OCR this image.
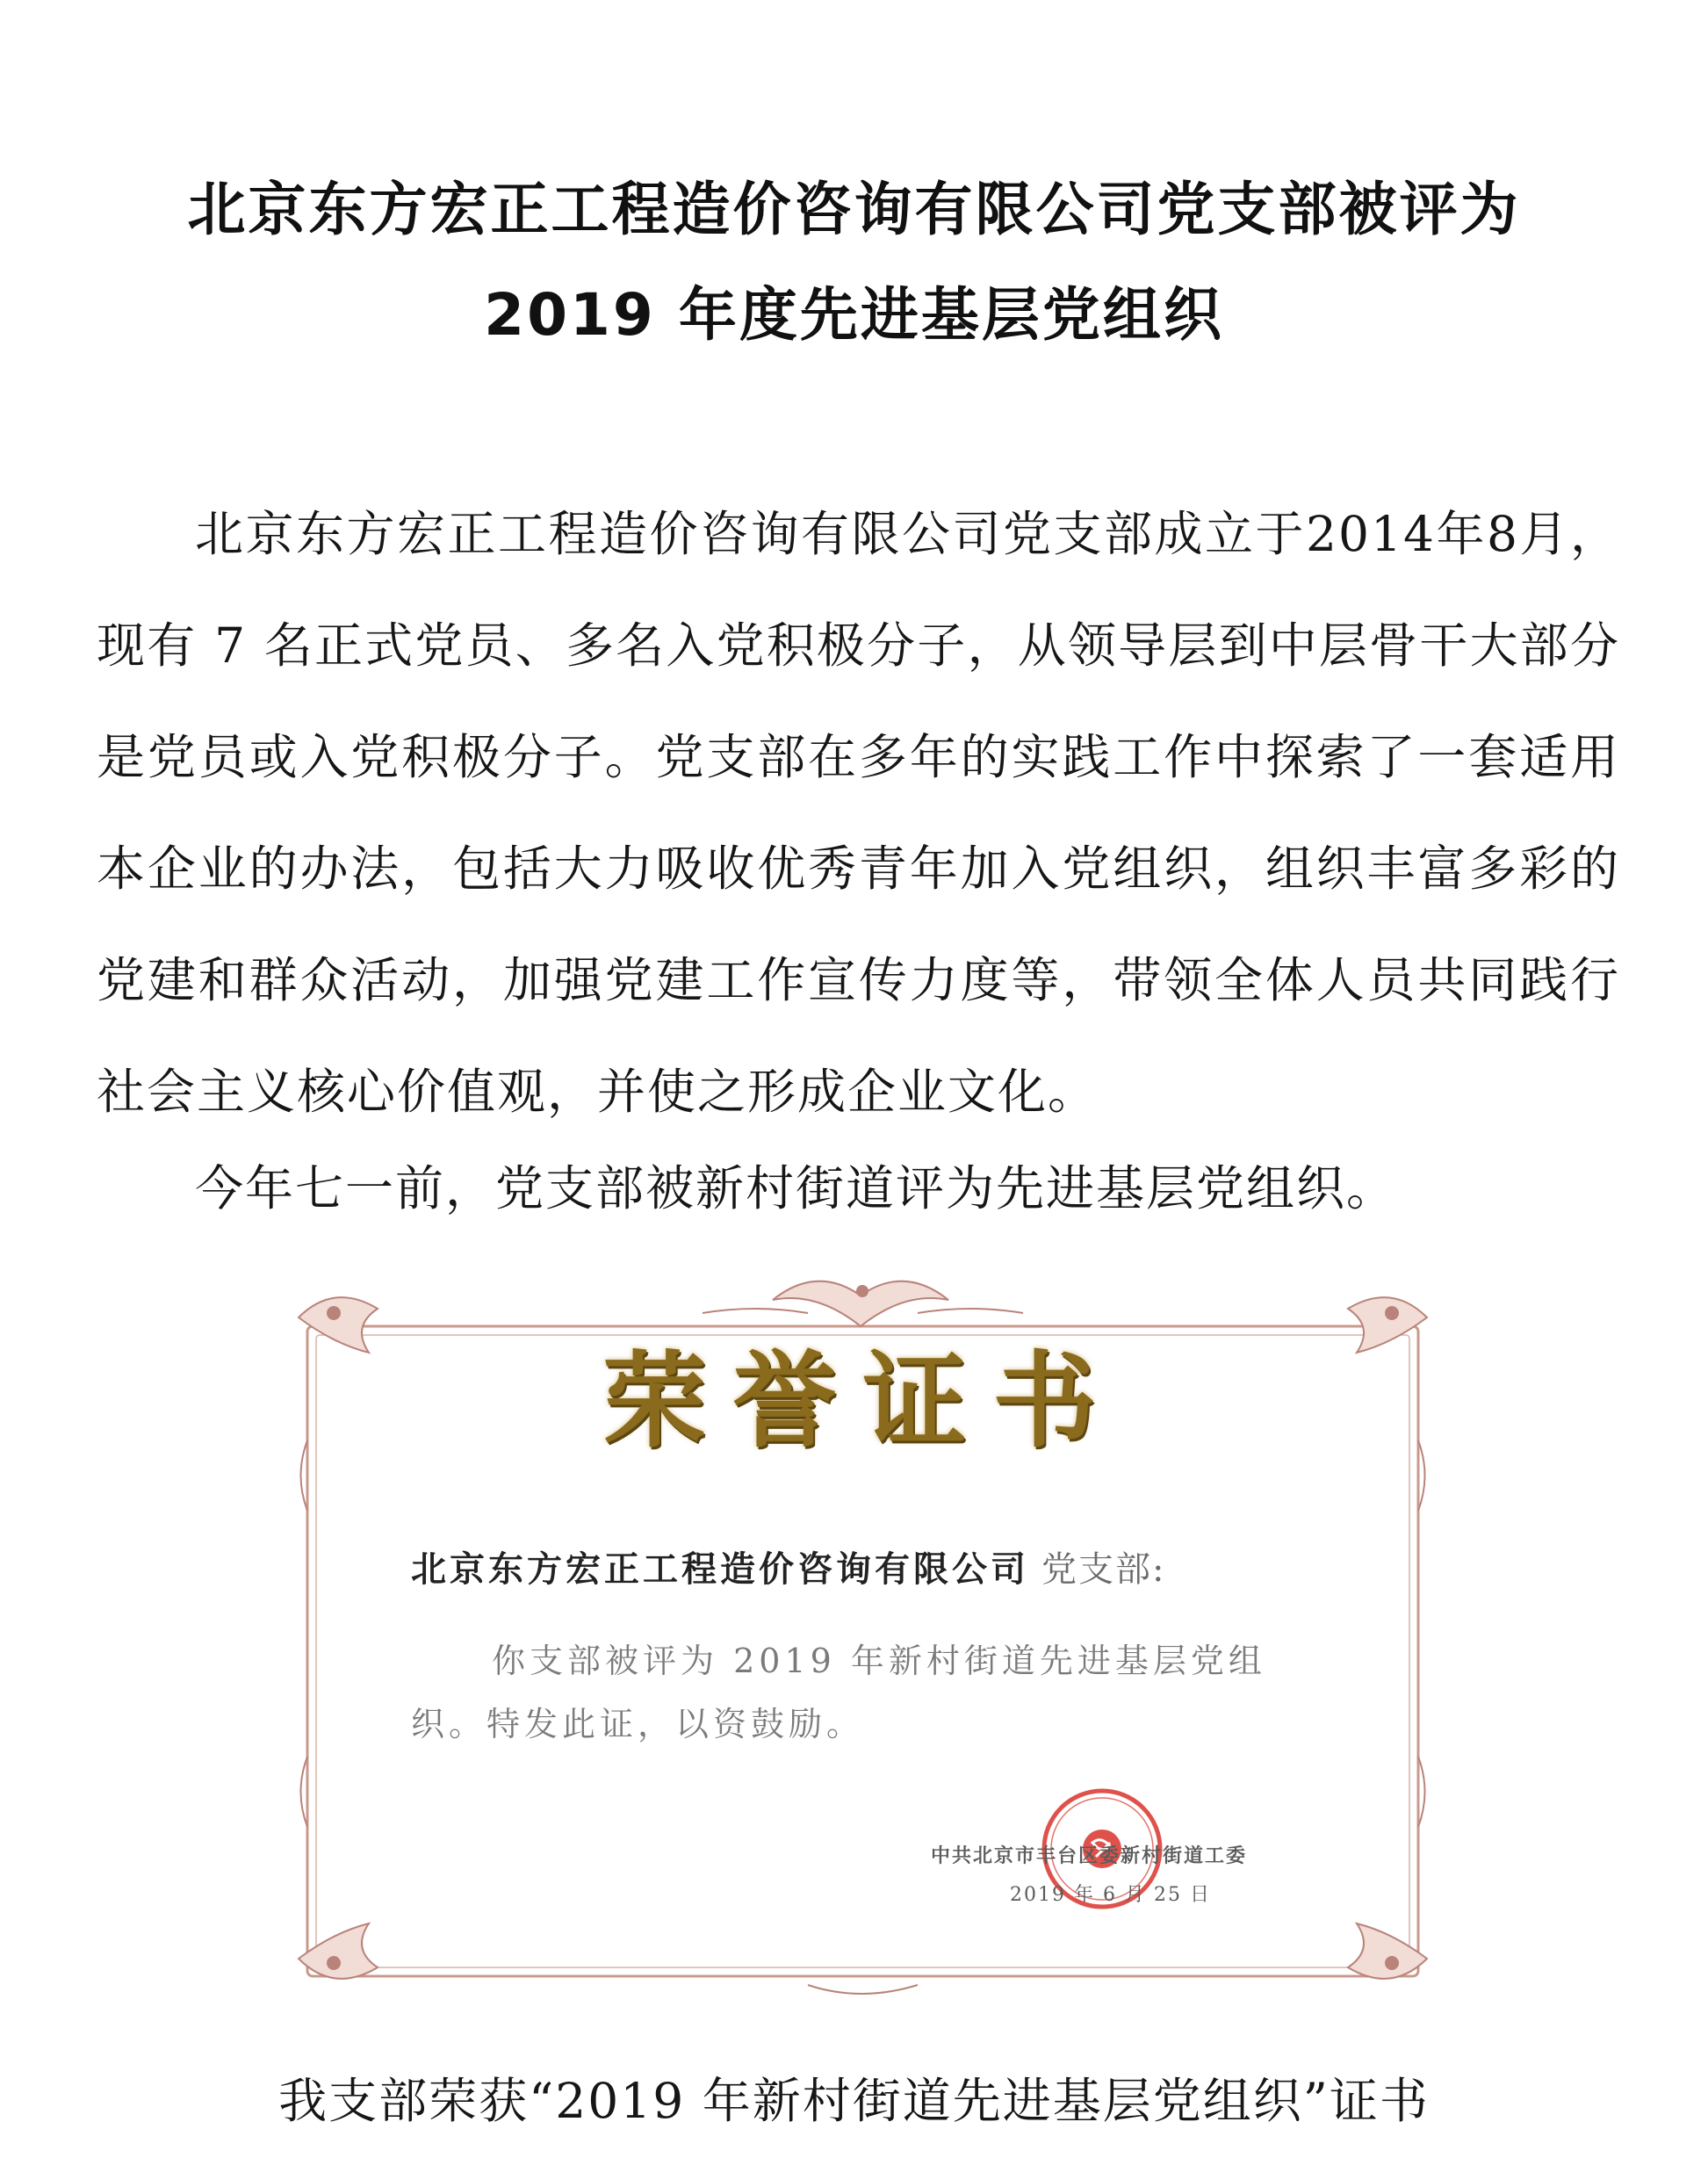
北京东方宏正工程造价咨询有限公司党支部被评为
2019 年度先进基层党组织

北京东方宏正工程造价咨询有限公司党支部成立于2014年8月，现有 7 名正式党员、多名入党积极分子，从领导层到中层骨干大部分是党员或入党积极分子。党支部在多年的实践工作中探索了一套适用本企业的办法，包括大力吸收优秀青年加入党组织，组织丰富多彩的党建和群众活动，加强党建工作宣传力度等，带领全体人员共同践行社会主义核心价值观，并使之形成企业文化。

今年七一前，党支部被新村街道评为先进基层党组织。

荣誉证书
北京东方宏正工程造价咨询有限公司 党支部:

你支部被评为 2019 年新村街道先进基层党组织。特发此证，以资鼓励。

中共北京市丰台区委新村街道工委
2019 年 6 月 25 日

我支部荣获“2019 年新村街道先进基层党组织”证书
